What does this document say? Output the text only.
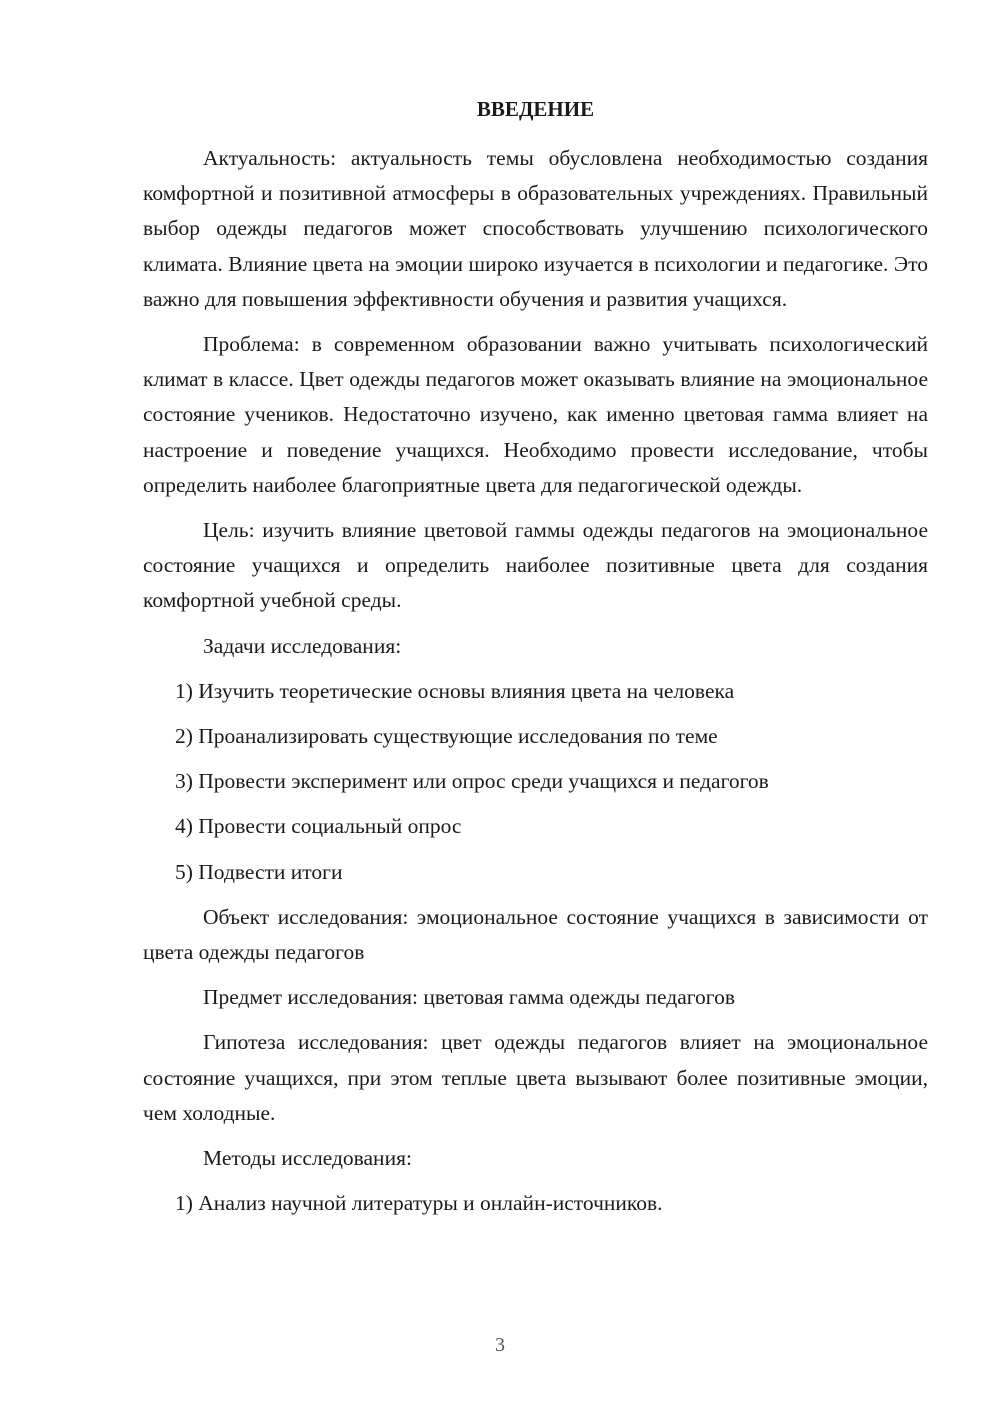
ВВЕДЕНИЕ

Актуальность: актуальность темы обусловлена необходимостью создания комфортной и позитивной атмосферы в образовательных учреждениях. Правильный выбор одежды педагогов может способствовать улучшению психологического климата. Влияние цвета на эмоции широко изучается в психологии и педагогике. Это важно для повышения эффективности обучения и развития учащихся.

Проблема: в современном образовании важно учитывать психологический климат в классе. Цвет одежды педагогов может оказывать влияние на эмоциональное состояние учеников. Недостаточно изучено, как именно цветовая гамма влияет на настроение и поведение учащихся. Необходимо провести исследование, чтобы определить наиболее благоприятные цвета для педагогической одежды.

Цель: изучить влияние цветовой гаммы одежды педагогов на эмоциональное состояние учащихся и определить наиболее позитивные цвета для создания комфортной учебной среды.

Задачи исследования:
1) Изучить теоретические основы влияния цвета на человека
2) Проанализировать существующие исследования по теме
3) Провести эксперимент или опрос среди учащихся и педагогов
4) Провести социальный опрос
5) Подвести итоги

Объект исследования: эмоциональное состояние учащихся в зависимости от цвета одежды педагогов

Предмет исследования: цветовая гамма одежды педагогов

Гипотеза исследования: цвет одежды педагогов влияет на эмоциональное состояние учащихся, при этом теплые цвета вызывают более позитивные эмоции, чем холодные.

Методы исследования:
1) Анализ научной литературы и онлайн-источников.
3
